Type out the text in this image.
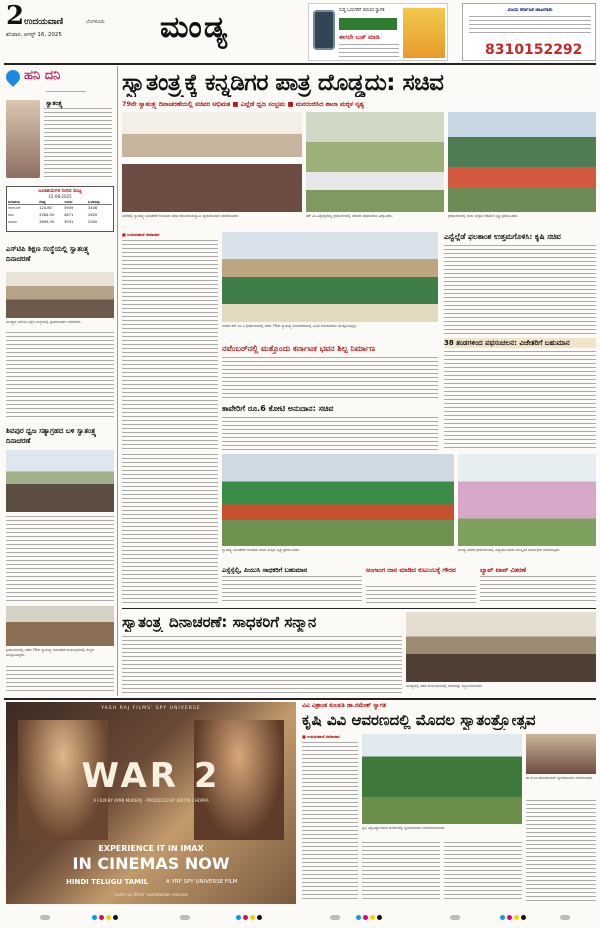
2 ಉದಯವಾಣಿ	ಬೆಂಗಳೂರು
ಶನಿವಾರ, ಆಗಸ್ಟ್ 16, 2025	ಮಂಡ್ಯ	ಸುದ್ದಿ ಓದುಗರಿಗೆ ಬಿರುಸಿನ ಸ್ವಾಗತ
ಈಗಲೇ ಬುಕ್ ಮಾಡಿ
ವಿಜಯ ಕರ್ನಾಟಕ ಜಾಹೀರಾತು
8310152292
ಹನಿ ದನಿ
ಸ್ವಾತಂತ್ರ್ಯ
ಜಲಾಶಯಗಳ ನೀರಿನ ಮಟ್ಟ
15-08-2025
ಜಲಾಶಯ	ಗರಿಷ್ಠ	ಇಂದಿನ	ಒಳಹರಿವು
ಕೆಆರ್‌ಎಸ್	124.80	3949	3408
ಕಬಿನಿ	2284.00	4871	2820
ಹಾರಂಗಿ	2859.00	3931	2000
ಎಸ್‌ಟಿಪಿ ಶಿಕ್ಷಣ ಸಂಸ್ಥೆಯಲ್ಲಿ ಸ್ವಾತಂತ್ರ್ಯ ದಿನಾಚರಣೆ
ಮಂಡ್ಯದ ಎಸ್‌ಟಿಪಿ ಶಿಕ್ಷಣ ಸಂಸ್ಥೆಯಲ್ಲಿ ಧ್ವಜಾರೋಹಣ ನೆರವೇರಿತು.
ಶಿವಪುರ ಧ್ವಜ ಸತ್ಯಾಗ್ರಹದ ಬಳಿ ಸ್ವಾತಂತ್ರ್ಯ ದಿನಾಚರಣೆ
ಕ್ರೀಡಾಂಗಣದಲ್ಲಿ ನಡೆದ 79ನೇ ಸ್ವಾತಂತ್ರ್ಯ ದಿನಾಚರಣೆ ಕಾರ್ಯಕ್ರಮದಲ್ಲಿ ಗಣ್ಯರು ಪಾಲ್ಗೊಂಡಿದ್ದರು.
ಸ್ವಾತಂತ್ರ್ಯಕ್ಕೆ ಕನ್ನಡಿಗರ ಪಾತ್ರ ದೊಡ್ಡದು: ಸಚಿವ
79ನೇ ಸ್ವಾತಂತ್ರ್ಯ ದಿನಾಚರಣೆಯಲ್ಲಿ ಸಚಿವರ ಅಭಿಮತ ■ ಎಲ್ಲೆಡೆ ಧ್ವಜ ಸಂಭ್ರಮ ■ ಮನರಂಜಿಸಿದ ಶಾಲಾ ಮಕ್ಕಳ ನೃತ್ಯ
ನಗರದಲ್ಲಿ ಸ್ವಾತಂತ್ರ್ಯ ದಿನಾಚರಣೆ ಅಂಗವಾಗಿ ಸಚಿವ ಚಲುವರಾಯಸ್ವಾಮಿ ಧ್ವಜಾರೋಹಣ ನೆರವೇರಿಸಿದರು.	ಸರ್ ಎಂ.ವಿಶ್ವೇಶ್ವರಯ್ಯ ಕ್ರೀಡಾಂಗಣದಲ್ಲಿ ಸಚಿವರು ಪಥಸಂಚಲನ ವೀಕ್ಷಿಸಿದರು.	ಕ್ರೀಡಾಂಗಣದಲ್ಲಿ ಶಾಲಾ ಮಕ್ಕಳು ಆಕರ್ಷಕ ನೃತ್ಯ ಪ್ರದರ್ಶಿಸಿದರು.
■ ಉದಯವಾಣಿ ಸಮಾಚಾರ
ನಗರದ ಸರ್ ಎಂ.ವಿ ಕ್ರೀಡಾಂಗಣದಲ್ಲಿ ನಡೆದ 79ನೇ ಸ್ವಾತಂತ್ರ್ಯ ದಿನಾಚರಣೆಯಲ್ಲಿ ವಿವಿಧ ಕಲಾತಂಡಗಳು ಪಾಲ್ಗೊಂಡಿದ್ದವು.
ಎನ್ವೆಲ್ಲೆಡೆ ಫಲತಾಂಶ ಉತ್ತಮಗೊಳಿಸಿ: ಕೃಷಿ ಸಚಿವ
ನವೆಂಬರ್‌ನಲ್ಲಿ ಮತ್ತೊಂದು ಕರ್ನಾಟಕ ಭವನ ಶಿಲ್ಪ ನಿರ್ಮಾಣ
38 ತಂಡಗಳಿಂದ ಪಥಸಂಚಲನ: ವಿಜೇತರಿಗೆ ಬಹುಮಾನ
ಕಾವೇರಿಗೆ ರೂ.6 ಕೋಟಿ ಅನುದಾನ: ಸಚಿವ
ಸ್ವಾತಂತ್ರ್ಯ ದಿನಾಚರಣೆ ಅಂಗವಾಗಿ ಶಾಲಾ ಮಕ್ಕಳು ನೃತ್ಯ ಪ್ರದರ್ಶಿಸಿದರು.	ಮಂಡ್ಯ ನಗರದ ಕ್ರೀಡಾಂಗಣದಲ್ಲಿ ವಿದ್ಯಾರ್ಥಿನಿಯರು ಸಾಂಸ್ಕೃತಿಕ ಕಾರ್ಯಕ್ರಮ ನಡೆಸಿಕೊಟ್ಟರು.
ಎಸ್ಸೆಸ್ಸೆಲ್ಸಿ, ಪಿಯುಸಿ ಸಾಧಕರಿಗೆ ಬಹುಮಾನ	ಅಂಗಾಂಗ ದಾನ ಮಾಡಿದ ಕುಟುಂಬಕ್ಕೆ ಗೌರವ	ಲ್ಯಾಪ್ ಟಾಪ್ ವಿತರಣೆ
ಸ್ವಾತಂತ್ರ್ಯ ದಿನಾಚರಣೆ: ಸಾಧಕರಿಗೆ ಸನ್ಮಾನ
ಮಂಡ್ಯದಲ್ಲಿ ನಡೆದ ಕಾರ್ಯಕ್ರಮದಲ್ಲಿ ಸಾಧಕರನ್ನು ಸನ್ಮಾನಿಸಲಾಯಿತು.
YASH RAJ FILMS' SPY UNIVERSE
WAR 2
A FILM BY AYAN MUKERJI · PRODUCED BY ADITYA CHOPRA
EXPERIENCE IT IN IMAX
IN CINEMAS NOW
HINDI TELUGU TAMIL	A YRF SPY UNIVERSE FILM
yash raj films' worldwide release
ವಿವಿ ವಿಶ್ರಾಂತ ಕುಲಪತಿ ಡಾ.ರಮೇಶ್ ಸ್ವಾಗತ
ಕೃಷಿ ವಿವಿ ಆವರಣದಲ್ಲಿ ಮೊದಲ ಸ್ವಾತಂತ್ರ್ಯೋತ್ಸವ
■ ಉದಯವಾಣಿ ಸಮಾಚಾರ
ಕೃಷಿ ವಿಶ್ವವಿದ್ಯಾಲಯದ ಆವರಣದಲ್ಲಿ ಧ್ವಜಾರೋಹಣ ನೆರವೇರಿಸಲಾಯಿತು.
ಡಾ.ಕೆ.ಎಂ.ಹರಿಣಿಕುಮಾರ್ ಧ್ವಜಾರೋಹಣ ನೆರವೇರಿಸಿದರು.
